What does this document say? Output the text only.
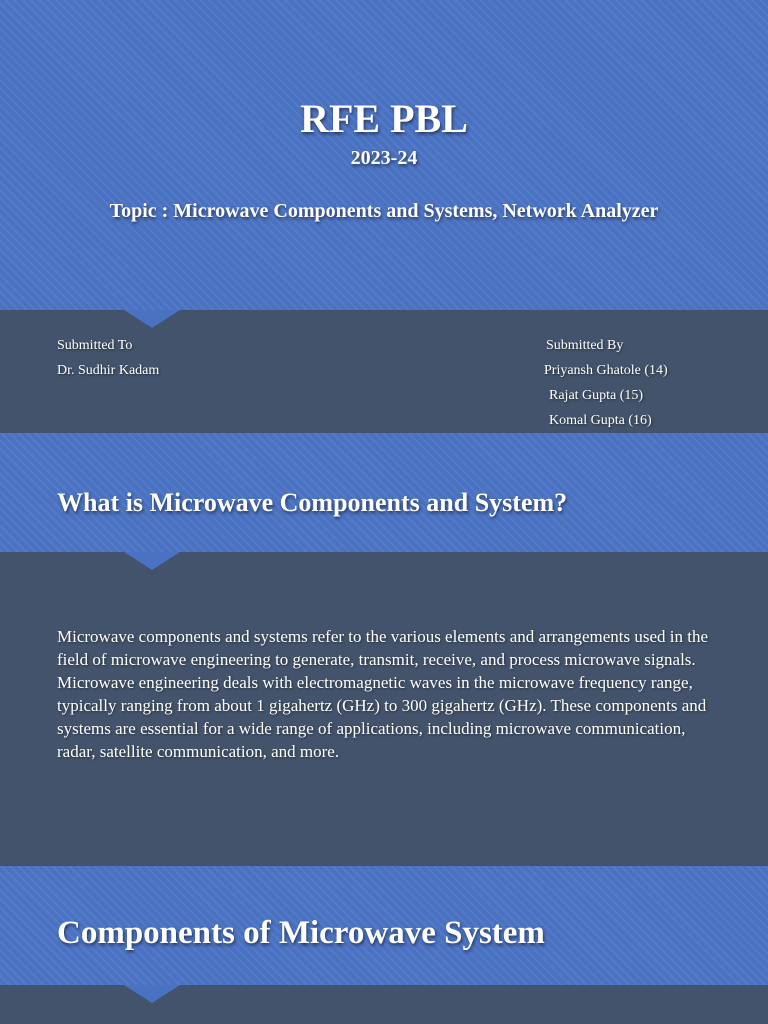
RFE PBL
2023-24
Topic : Microwave Components and Systems, Network Analyzer
Submitted To
Dr. Sudhir Kadam
Submitted By
Priyansh Ghatole (14)
Rajat Gupta (15)
Komal Gupta (16)
What is Microwave Components and System?
Microwave components and systems refer to the various elements and arrangements used in the field of microwave engineering to generate, transmit, receive, and process microwave signals. Microwave engineering deals with electromagnetic waves in the microwave frequency range, typically ranging from about 1 gigahertz (GHz) to 300 gigahertz (GHz). These components and systems are essential for a wide range of applications, including microwave communication, radar, satellite communication, and more.
Components of Microwave System
